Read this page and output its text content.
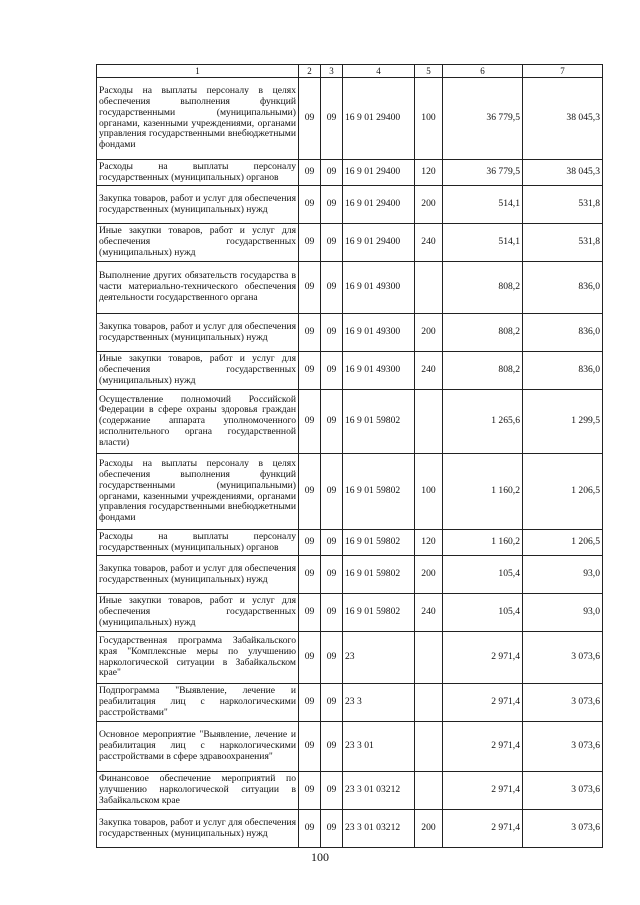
1	2	3	4	5	6	7
Расходы на выплаты персоналу в целях обеспечения выполнения функций государственными (муниципальными) органами, казенными учреждениями, органами управления государственными внебюджетными фондами	09	09	16 9 01 29400	100	36 779,5	38 045,3
Расходы на выплаты персоналу государственных (муниципальных) органов	09	09	16 9 01 29400	120	36 779,5	38 045,3
Закупка товаров, работ и услуг для обеспечения государственных (муниципальных) нужд	09	09	16 9 01 29400	200	514,1	531,8
Иные закупки товаров, работ и услуг для обеспечения государственных (муниципальных) нужд	09	09	16 9 01 29400	240	514,1	531,8
Выполнение других обязательств государства в части материально-технического обеспечения деятельности государственного органа	09	09	16 9 01 49300		808,2	836,0
Закупка товаров, работ и услуг для обеспечения государственных (муниципальных) нужд	09	09	16 9 01 49300	200	808,2	836,0
Иные закупки товаров, работ и услуг для обеспечения государственных (муниципальных) нужд	09	09	16 9 01 49300	240	808,2	836,0
Осуществление полномочий Российской Федерации в сфере охраны здоровья граждан (содержание аппарата уполномоченного исполнительного органа государственной власти)	09	09	16 9 01 59802		1 265,6	1 299,5
Расходы на выплаты персоналу в целях обеспечения выполнения функций государственными (муниципальными) органами, казенными учреждениями, органами управления государственными внебюджетными фондами	09	09	16 9 01 59802	100	1 160,2	1 206,5
Расходы на выплаты персоналу государственных (муниципальных) органов	09	09	16 9 01 59802	120	1 160,2	1 206,5
Закупка товаров, работ и услуг для обеспечения государственных (муниципальных) нужд	09	09	16 9 01 59802	200	105,4	93,0
Иные закупки товаров, работ и услуг для обеспечения государственных (муниципальных) нужд	09	09	16 9 01 59802	240	105,4	93,0
Государственная программа Забайкальского края "Комплексные меры по улучшению наркологической ситуации в Забайкальском крае"	09	09	23		2 971,4	3 073,6
Подпрограмма "Выявление, лечение и реабилитация лиц с наркологическими расстройствами"	09	09	23 3		2 971,4	3 073,6
Основное мероприятие "Выявление, лечение и реабилитация лиц с наркологическими расстройствами в сфере здравоохранения"	09	09	23 3 01		2 971,4	3 073,6
Финансовое обеспечение мероприятий по улучшению наркологической ситуации в Забайкальском крае	09	09	23 3 01 03212		2 971,4	3 073,6
Закупка товаров, работ и услуг для обеспечения государственных (муниципальных) нужд	09	09	23 3 01 03212	200	2 971,4	3 073,6
100
